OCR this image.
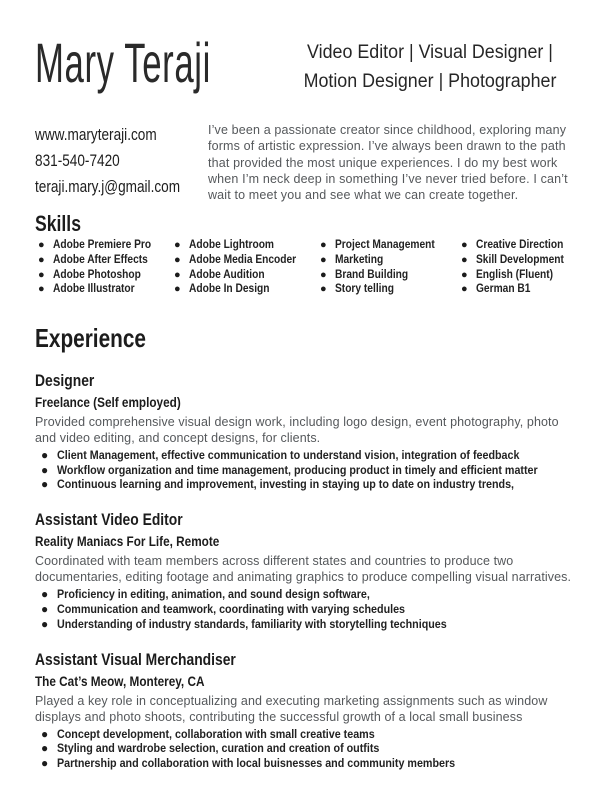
Mary Teraji	Video Editor | Visual Designer | Motion Designer | Photographer
www.maryteraji.com
831-540-7420
teraji.mary.j@gmail.com
I’ve been a passionate creator since childhood, exploring many forms of artistic expression. I’ve always been drawn to the path that provided the most unique experiences. I do my best work when I’m neck deep in something I’ve never tried before. I can’t wait to meet you and see what we can create together.
Skills
● Adobe Premiere Pro
● Adobe After Effects
● Adobe Photoshop
● Adobe Illustrator
● Adobe Lightroom
● Adobe Media Encoder
● Adobe Audition
● Adobe In Design
● Project Management
● Marketing
● Brand Building
● Story telling
● Creative Direction
● Skill Development
● English (Fluent)
● German B1
Experience
Designer
Freelance (Self employed)
Provided comprehensive visual design work, including logo design, event photography, photo and video editing, and concept designs, for clients.
● Client Management, effective communication to understand vision, integration of feedback
● Workflow organization and time management, producing product in timely and efficient matter
● Continuous learning and improvement, investing in staying up to date on industry trends,
Assistant Video Editor
Reality Maniacs For Life, Remote
Coordinated with team members across different states and countries to produce two documentaries, editing footage and animating graphics to produce compelling visual narratives.
● Proficiency in editing, animation, and sound design software,
● Communication and teamwork, coordinating with varying schedules
● Understanding of industry standards, familiarity with storytelling techniques
Assistant Visual Merchandiser
The Cat’s Meow, Monterey, CA
Played a key role in conceptualizing and executing marketing assignments such as window displays and photo shoots, contributing the successful growth of a local small business
● Concept development, collaboration with small creative teams
● Styling and wardrobe selection, curation and creation of outfits
● Partnership and collaboration with local buisnesses and community members
